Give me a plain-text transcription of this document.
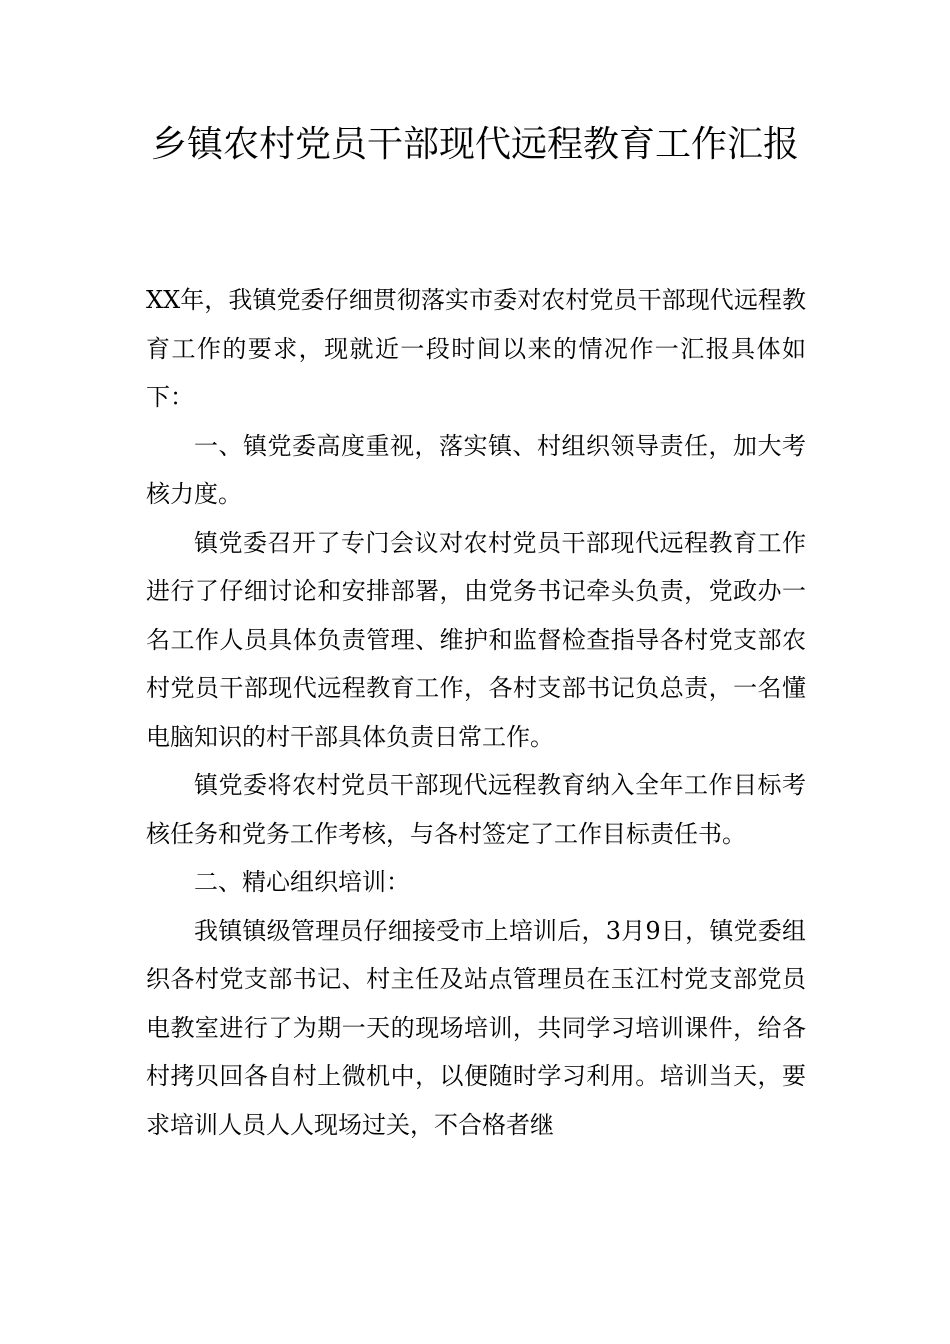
乡镇农村党员干部现代远程教育工作汇报

XX年，我镇党委仔细贯彻落实市委对农村党员干部现代远程教育工作的要求，现就近一段时间以来的情况作一汇报具体如下：

一、镇党委高度重视，落实镇、村组织领导责任，加大考核力度。

镇党委召开了专门会议对农村党员干部现代远程教育工作进行了仔细讨论和安排部署，由党务书记牵头负责，党政办一名工作人员具体负责管理、维护和监督检查指导各村党支部农村党员干部现代远程教育工作，各村支部书记负总责，一名懂电脑知识的村干部具体负责日常工作。

镇党委将农村党员干部现代远程教育纳入全年工作目标考核任务和党务工作考核，与各村签定了工作目标责任书。

二、精心组织培训：

我镇镇级管理员仔细接受市上培训后，3月9日，镇党委组织各村党支部书记、村主任及站点管理员在玉江村党支部党员电教室进行了为期一天的现场培训，共同学习培训课件，给各村拷贝回各自村上微机中，以便随时学习利用。培训当天，要求培训人员人人现场过关，不合格者继
